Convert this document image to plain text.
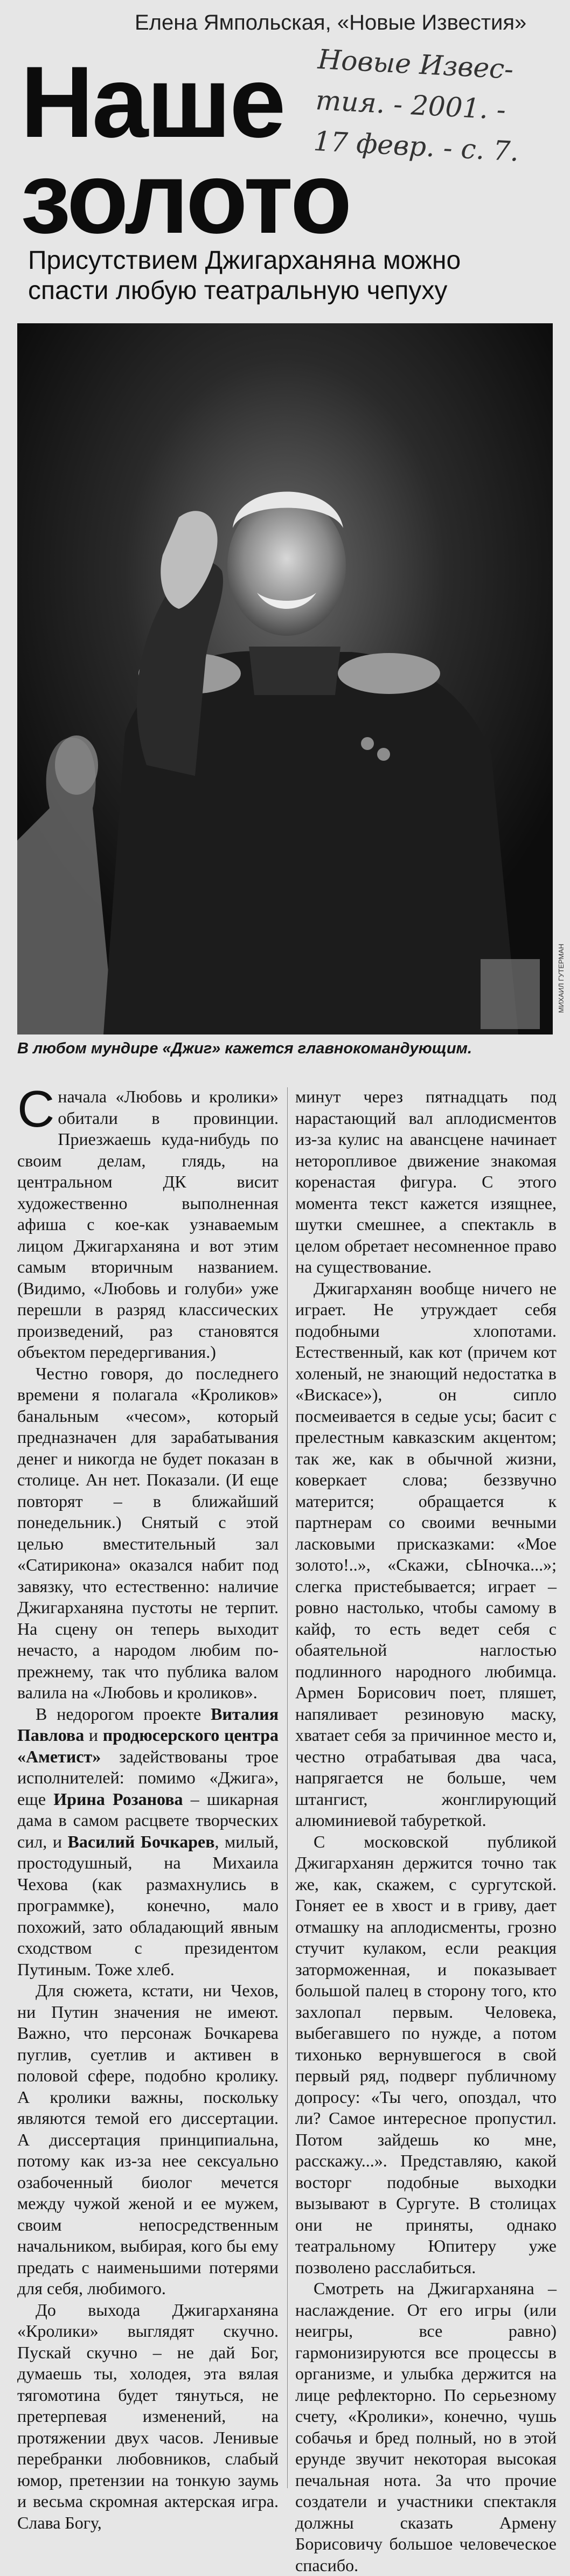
Елена Ямпольская, «Новые Известия»
Наше
золото
Новые Извес-
тия. - 2001. -
17 февр. - с. 7.
Присутствием Джигарханяна можно спасти любую театральную чепуху
МИХАИЛ ГУТЕРМАН
В любом мундире «Джиг» кажется главнокомандующим.

Сначала «Любовь и кролики» обитали в провинции. Приезжаешь куда-нибудь по своим делам, глядь, на центральном ДК висит художественно выполненная афиша с кое-как узнаваемым лицом Джигарханяна и вот этим самым вторичным названием. (Видимо, «Любовь и голуби» уже перешли в разряд классических произведений, раз становятся объектом передергивания.)

Честно говоря, до последнего времени я полагала «Кроликов» банальным «чесом», который предназначен для зарабатывания денег и никогда не будет показан в столице. Ан нет. Показали. (И еще повторят – в ближайший понедельник.) Снятый с этой целью вместительный зал «Сатирикона» оказался набит под завязку, что естественно: наличие Джигарханяна пустоты не терпит. На сцену он теперь выходит нечасто, а народом любим по-прежнему, так что публика валом валила на «Любовь и кроликов».

В недорогом проекте Виталия Павлова и продюсерского центра «Аметист» задействованы трое исполнителей: помимо «Джига», еще Ирина Розанова – шикарная дама в самом расцвете творческих сил, и Василий Бочкарев, милый, простодушный, на Михаила Чехова (как размахнулись в программке), конечно, мало похожий, зато обладающий явным сходством с президентом Путиным. Тоже хлеб.

Для сюжета, кстати, ни Чехов, ни Путин значения не имеют. Важно, что персонаж Бочкарева пуглив, суетлив и активен в половой сфере, подобно кролику. А кролики важны, поскольку являются темой его диссертации. А диссертация принципиальна, потому как из-за нее сексуально озабоченный биолог мечется между чужой женой и ее мужем, своим непосредственным начальником, выбирая, кого бы ему предать с наименьшими потерями для себя, любимого.

До выхода Джигарханяна «Кролики» выглядят скучно. Пускай скучно – не дай Бог, думаешь ты, холодея, эта вялая тягомотина будет тянуться, не претерпевая изменений, на протяжении двух часов. Ленивые перебранки любовников, слабый юмор, претензии на тонкую заумь и весьма скромная актерская игра. Слава Богу,

минут через пятнадцать под нарастающий вал аплодисментов из-за кулис на авансцене начинает неторопливое движение знакомая коренастая фигура. С этого момента текст кажется изящнее, шутки смешнее, а спектакль в целом обретает несомненное право на существование.

Джигарханян вообще ничего не играет. Не утруждает себя подобными хлопотами. Естественный, как кот (причем кот холеный, не знающий недостатка в «Вискасе»), он сипло посмеивается в седые усы; басит с прелестным кавказским акцентом; так же, как в обычной жизни, коверкает слова; беззвучно матерится; обращается к партнерам со своими вечными ласковыми присказками: «Мое золото!..», «Скажи, сЫночка...»; слегка пристебывается; играет – ровно настолько, чтобы самому в кайф, то есть ведет себя с обаятельной наглостью подлинного народного любимца. Армен Борисович поет, пляшет, напяливает резиновую маску, хватает себя за причинное место и, честно отрабатывая два часа, напрягается не больше, чем штангист, жонглирующий алюминиевой табуреткой.

С московской публикой Джигарханян держится точно так же, как, скажем, с сургутской. Гоняет ее в хвост и в гриву, дает отмашку на аплодисменты, грозно стучит кулаком, если реакция заторможенная, и показывает большой палец в сторону того, кто захлопал первым. Человека, выбегавшего по нужде, а потом тихонько вернувшегося в свой первый ряд, подверг публичному допросу: «Ты чего, опоздал, что ли? Самое интересное пропустил. Потом зайдешь ко мне, расскажу...». Представляю, какой восторг подобные выходки вызывают в Сургуте. В столицах они не приняты, однако театральному Юпитеру уже позволено расслабиться.

Смотреть на Джигарханяна – наслаждение. От его игры (или неигры, все равно) гармонизируются все процессы в организме, и улыбка держится на лице рефлекторно. По серьезному счету, «Кролики», конечно, чушь собачья и бред полный, но в этой ерунде звучит некоторая высокая печальная нота. За что прочие создатели и участники спектакля должны сказать Армену Борисовичу большое человеческое спасибо.
